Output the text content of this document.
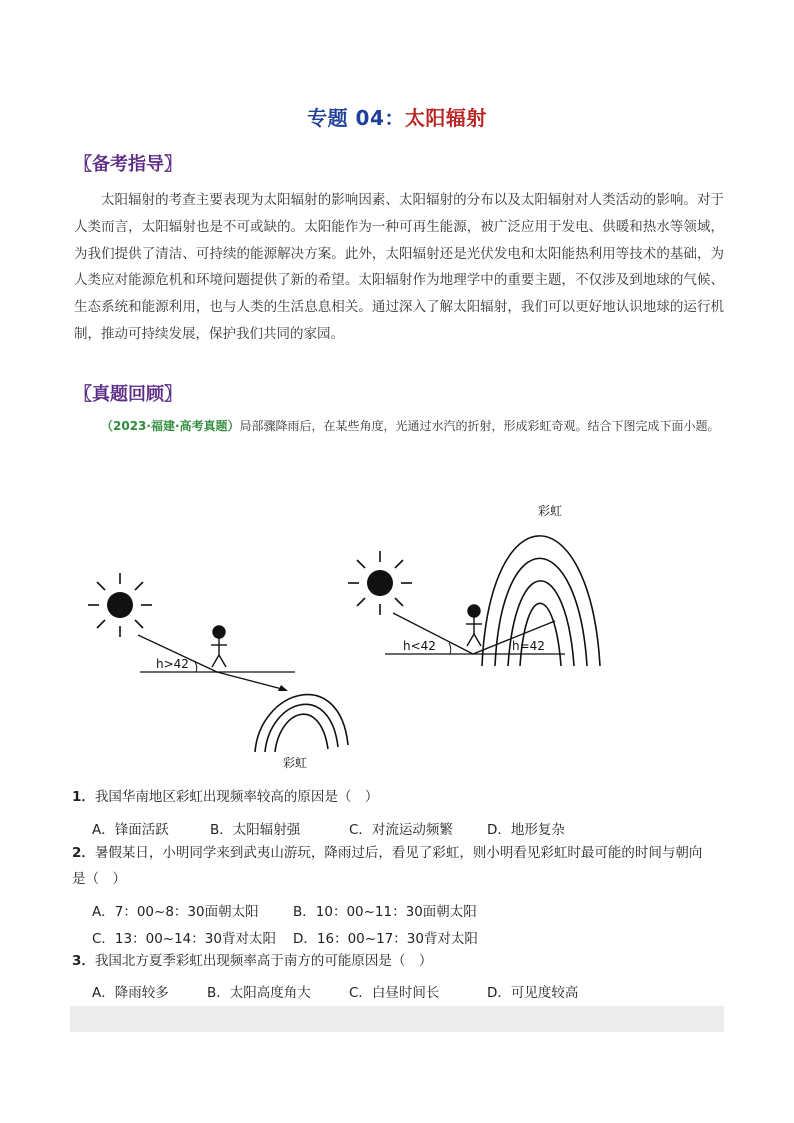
专题 04：太阳辐射
〖备考指导〗
太阳辐射的考查主要表现为太阳辐射的影响因素、太阳辐射的分布以及太阳辐射对人类活动的影响。对于人类而言，太阳辐射也是不可或缺的。太阳能作为一种可再生能源，被广泛应用于发电、供暖和热水等领域，为我们提供了清洁、可持续的能源解决方案。此外，太阳辐射还是光伏发电和太阳能热利用等技术的基础，为人类应对能源危机和环境问题提供了新的希望。太阳辐射作为地理学中的重要主题，不仅涉及到地球的气候、生态系统和能源利用，也与人类的生活息息相关。通过深入了解太阳辐射，我们可以更好地认识地球的运行机制，推动可持续发展，保护我们共同的家园。
〖真题回顾〗
（2023·福建·高考真题）局部骤降雨后，在某些角度，光通过水汽的折射，形成彩虹奇观。结合下图完成下面小题。
h>42
彩虹
h<42	h=42
彩虹
1．我国华南地区彩虹出现频率较高的原因是（　）
A．锋面活跃	B．太阳辐射强	C．对流运动频繁	D．地形复杂
2．暑假某日，小明同学来到武夷山游玩，降雨过后，看见了彩虹，则小明看见彩虹时最可能的时间与朝向
是（　）
A．7：00~8：30面朝太阳	B．10：00~11：30面朝太阳
C．13：00~14：30背对太阳 D．16：00~17：30背对太阳
3．我国北方夏季彩虹出现频率高于南方的可能原因是（　）
A．降雨较多	B．太阳高度角大	C．白昼时间长	D．可见度较高
